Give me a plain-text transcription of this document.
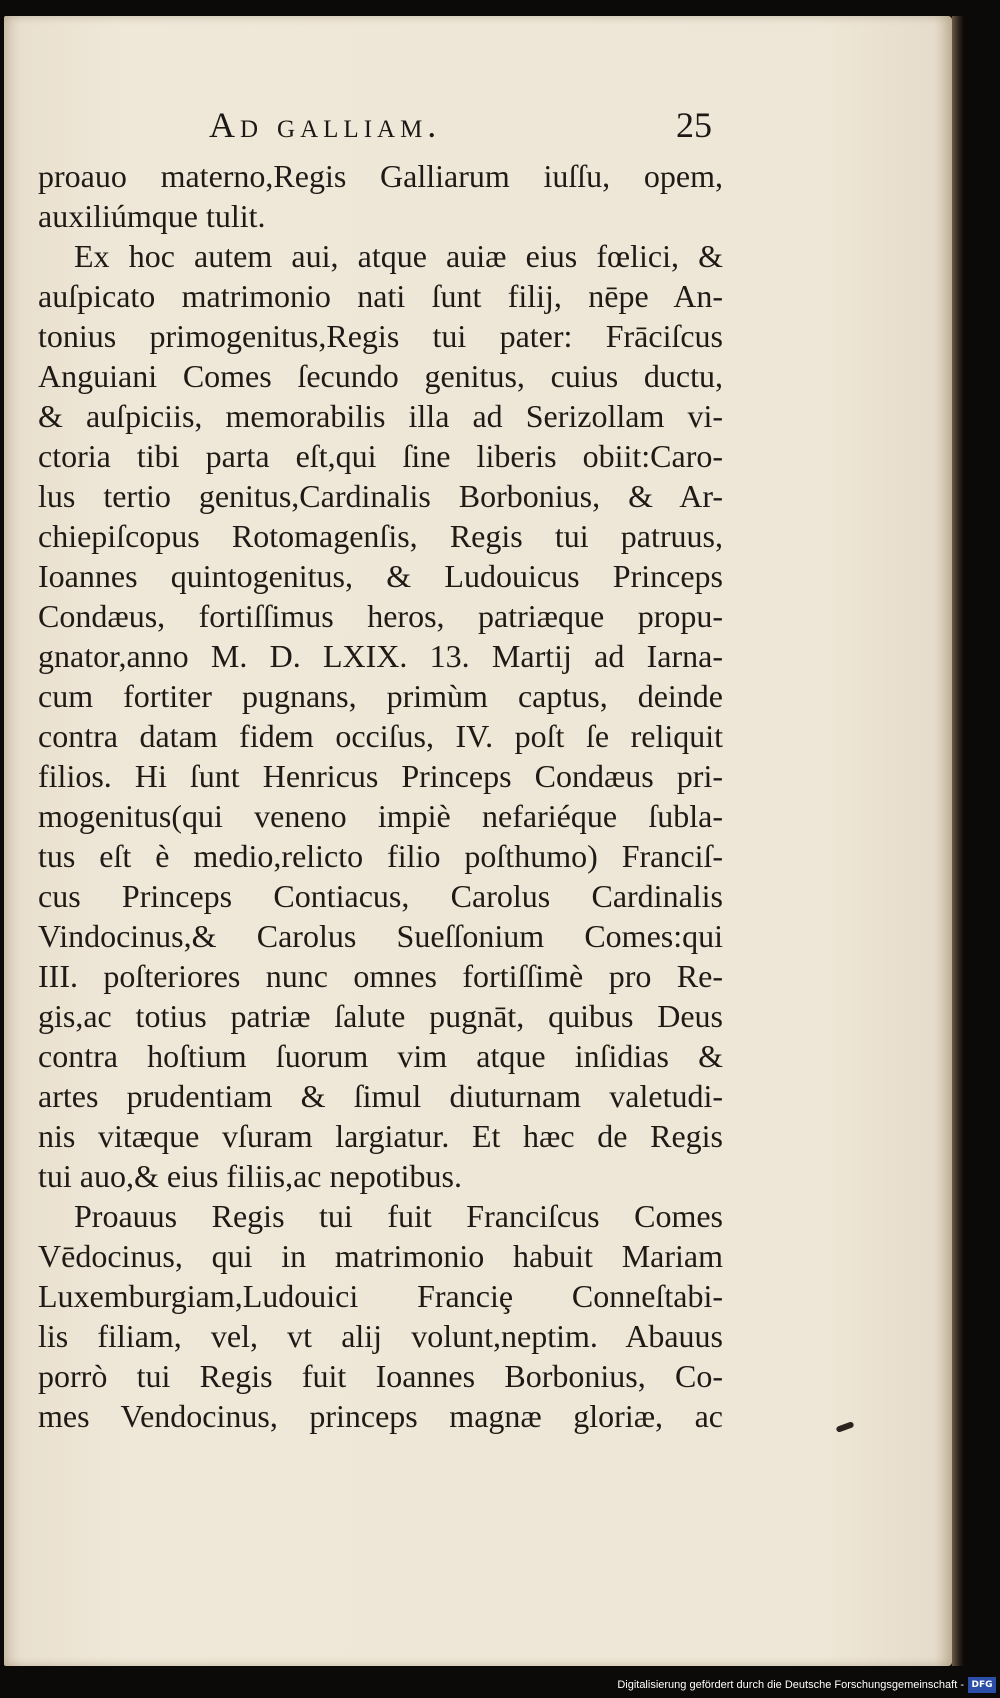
Ad galliam.	25
proauo materno,Regis Galliarum iuſſu, opem,
auxiliúmque tulit.
Ex hoc autem aui, atque auiæ eius fœlici, &
auſpicato matrimonio nati ſunt filij, nēpe An-
tonius primogenitus,Regis tui pater: Frāciſcus
Anguiani Comes ſecundo genitus, cuius ductu,
& auſpiciis, memorabilis illa ad Serizollam vi-
ctoria tibi parta eſt,qui ſine liberis obiit:Caro-
lus tertio genitus,Cardinalis Borbonius, & Ar-
chiepiſcopus Rotomagenſis, Regis tui patruus,
Ioannes quintogenitus, & Ludouicus Princeps
Condæus, fortiſſimus heros, patriæque propu-
gnator,anno M. D. LXIX. 13. Martij ad Iarna-
cum fortiter pugnans, primùm captus, deinde
contra datam fidem occiſus, IV. poſt ſe reliquit
filios. Hi ſunt Henricus Princeps Condæus pri-
mogenitus(qui veneno impiè nefariéque ſubla-
tus eſt è medio,relicto filio poſthumo) Franciſ-
cus Princeps Contiacus, Carolus Cardinalis
Vindocinus,& Carolus Sueſſonium Comes:qui
III. poſteriores nunc omnes fortiſſimè pro Re-
gis,ac totius patriæ ſalute pugnāt, quibus Deus
contra hoſtium ſuorum vim atque inſidias &
artes prudentiam & ſimul diuturnam valetudi-
nis vitæque vſuram largiatur. Et hæc de Regis
tui auo,& eius filiis,ac nepotibus.
Proauus Regis tui fuit Franciſcus Comes
Vēdocinus, qui in matrimonio habuit Mariam
Luxemburgiam,Ludouici Franciȩ Conneſtabi-
lis filiam, vel, vt alij volunt,neptim. Abauus
porrò tui Regis fuit Ioannes Borbonius, Co-
mes Vendocinus, princeps magnæ gloriæ, ac
Digitalisierung gefördert durch die Deutsche Forschungsgemeinschaft - DFG
